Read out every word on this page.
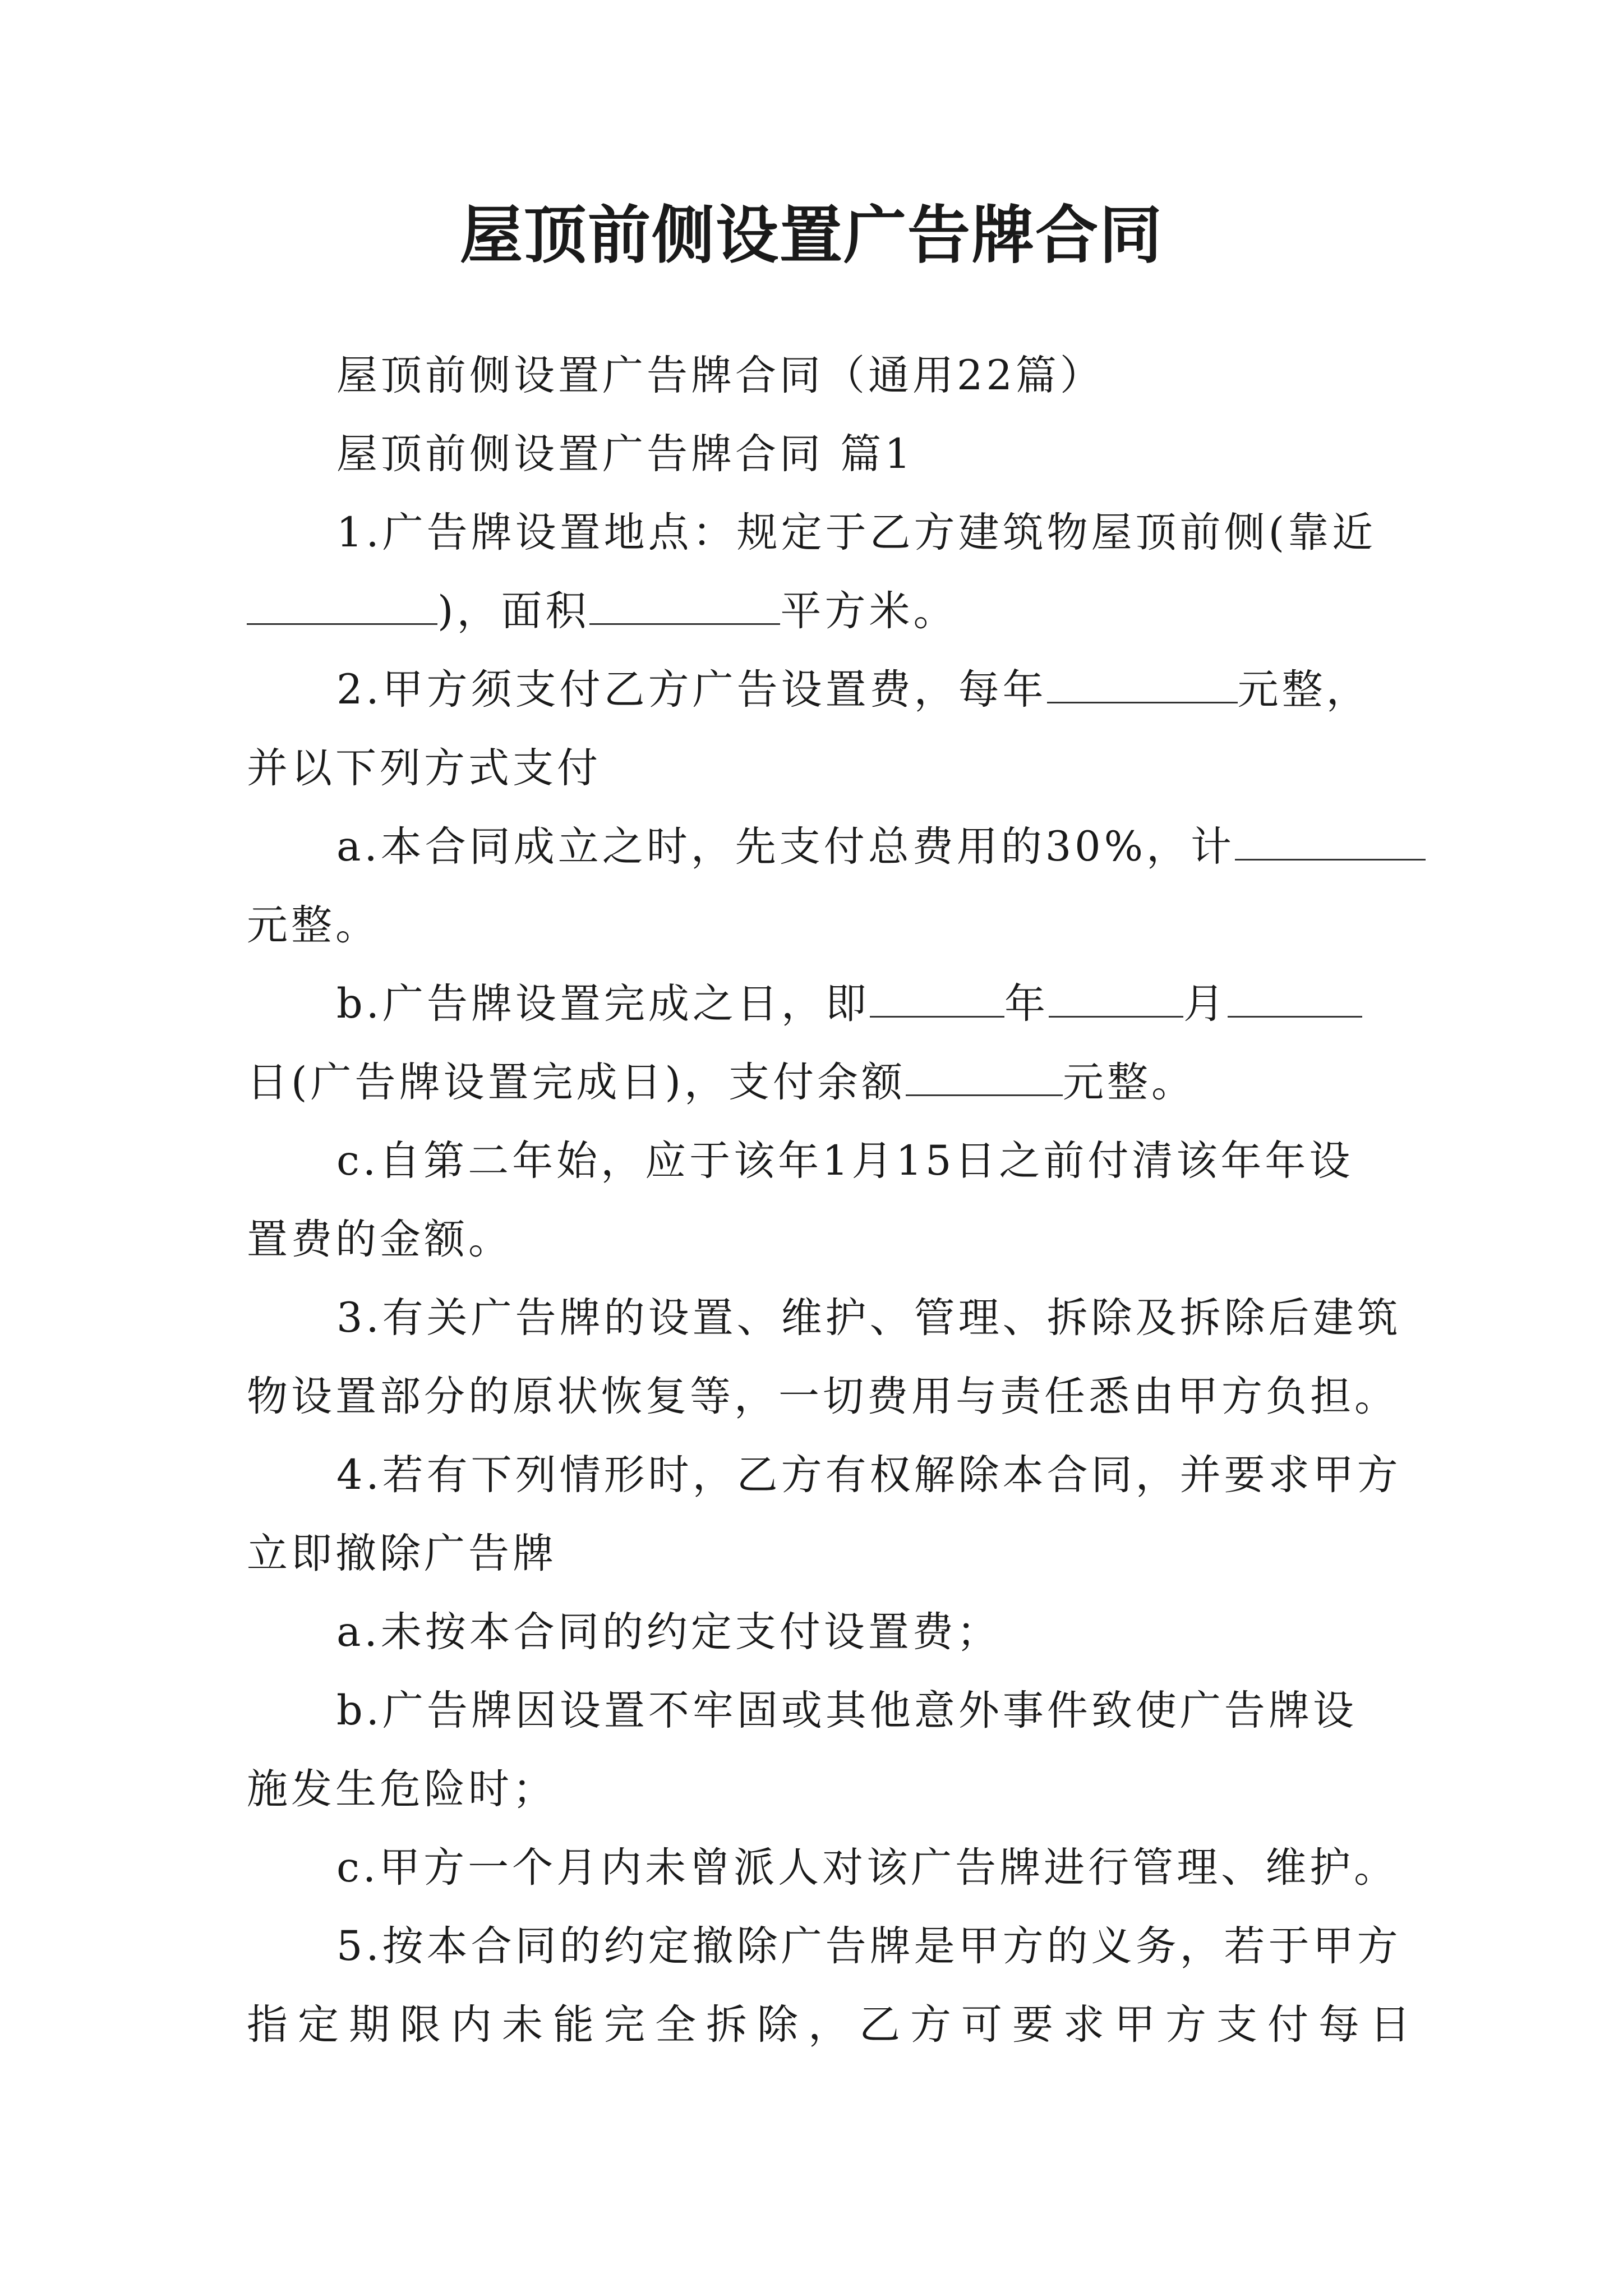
屋顶前侧设置广告牌合同
屋顶前侧设置广告牌合同（通用22篇）
屋顶前侧设置广告牌合同 篇1
1.广告牌设置地点：规定于乙方建筑物屋顶前侧(靠近
)，面积	平方米。
2.甲方须支付乙方广告设置费，每年	元整，
并以下列方式支付
a.本合同成立之时，先支付总费用的30%，计
元整。
b.广告牌设置完成之日，即	年	月
日(广告牌设置完成日)，支付余额	元整。
c.自第二年始，应于该年1月15日之前付清该年年设
置费的金额。
3.有关广告牌的设置、维护、管理、拆除及拆除后建筑
物设置部分的原状恢复等，一切费用与责任悉由甲方负担。
4.若有下列情形时，乙方有权解除本合同，并要求甲方
立即撤除广告牌
a.未按本合同的约定支付设置费；
b.广告牌因设置不牢固或其他意外事件致使广告牌设
施发生危险时；
c.甲方一个月内未曾派人对该广告牌进行管理、维护。
5.按本合同的约定撤除广告牌是甲方的义务，若于甲方
指定期限内未能完全拆除，乙方可要求甲方支付每日
